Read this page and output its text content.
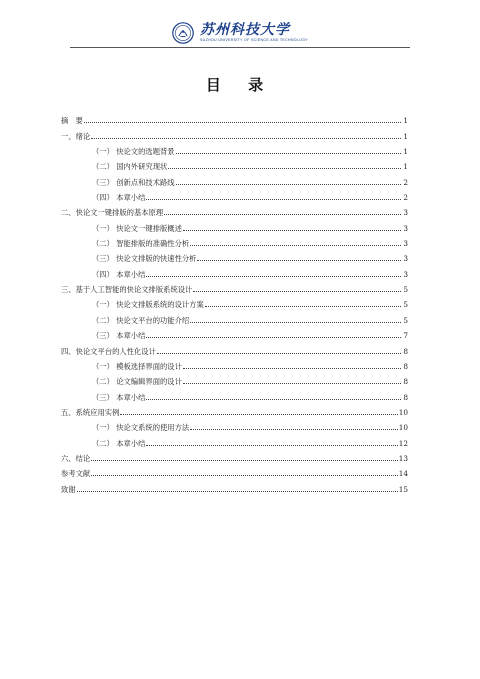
苏州科技大学
SUZHOU UNIVERSITY OF SCIENCE AND TECHNOLOGY
目 录
摘　要	1
一、绪论	1
（一） 快论文的选题背景	1
（二） 国内外研究现状	1
（三） 创新点和技术路线	2
（四） 本章小结	2
二、快论文一键排版的基本原理	3
（一） 快论文一键排版概述	3
（二） 智能排版的准确性分析	3
（三） 快论文排版的快速性分析	3
（四） 本章小结	3
三、基于人工智能的快论文排版系统设计	5
（一） 快论文排版系统的设计方案	5
（二） 快论文平台的功能介绍	5
（三） 本章小结	7
四、快论文平台的人性化设计	8
（一） 模板选择界面的设计	8
（二） 论文编辑界面的设计	8
（三） 本章小结	8
五、系统应用实例	10
（一） 快论文系统的使用方法	10
（二） 本章小结	12
六、结论	13
参考文献	14
致谢	15
